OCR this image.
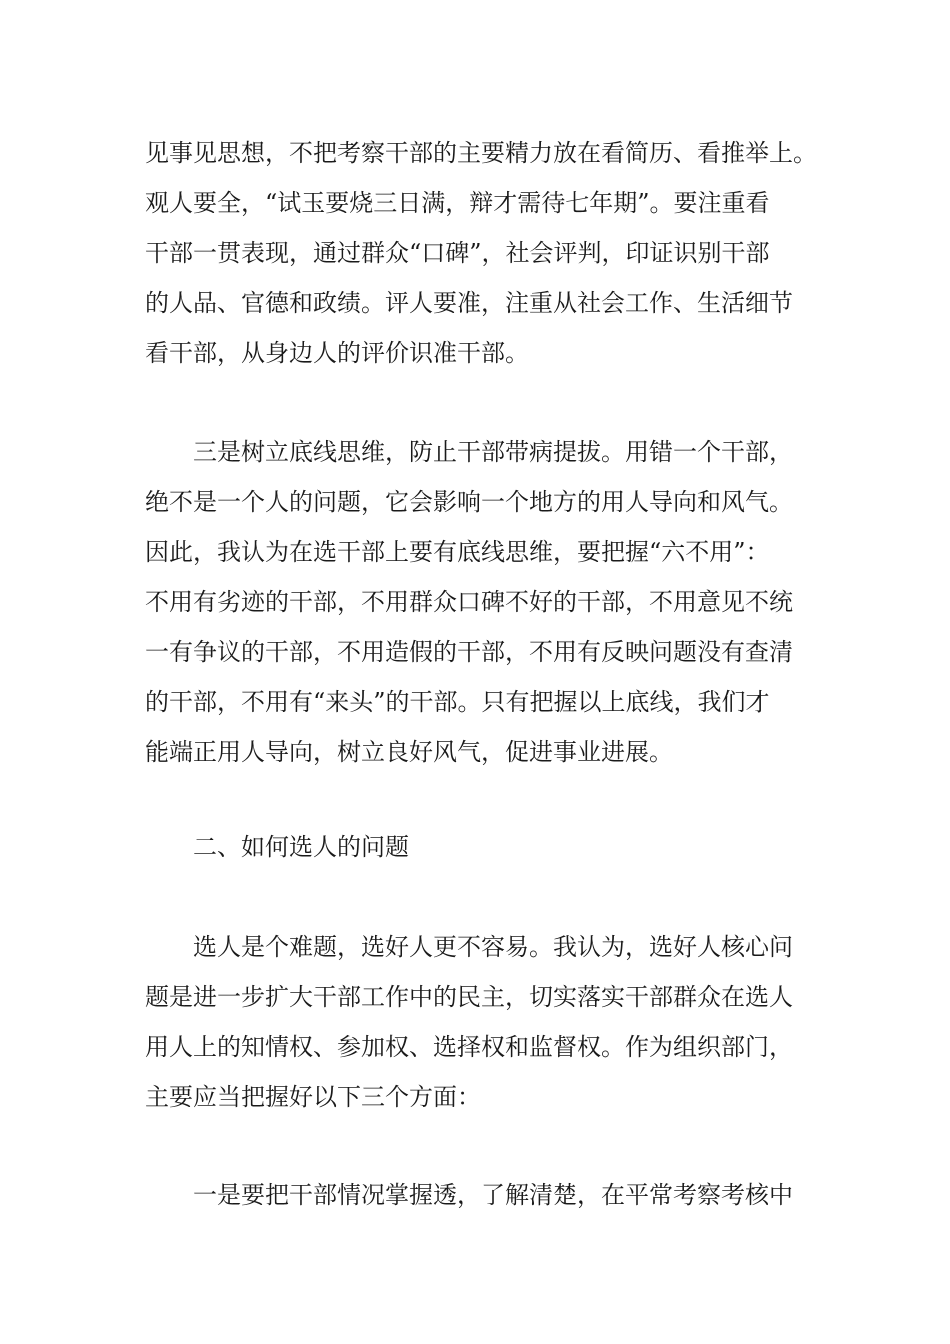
见事见思想，不把考察干部的主要精力放在看简历、看推举上。
观人要全，“试玉要烧三日满，辩才需待七年期”。要注重看
干部一贯表现，通过群众“口碑”，社会评判，印证识别干部
的人品、官德和政绩。评人要准，注重从社会工作、生活细节
看干部，从身边人的评价识准干部。
三是树立底线思维，防止干部带病提拔。用错一个干部，
绝不是一个人的问题，它会影响一个地方的用人导向和风气。
因此，我认为在选干部上要有底线思维，要把握“六不用”：
不用有劣迹的干部，不用群众口碑不好的干部，不用意见不统
一有争议的干部，不用造假的干部，不用有反映问题没有查清
的干部，不用有“来头”的干部。只有把握以上底线，我们才
能端正用人导向，树立良好风气，促进事业进展。
二、如何选人的问题
选人是个难题，选好人更不容易。我认为，选好人核心问
题是进一步扩大干部工作中的民主，切实落实干部群众在选人
用人上的知情权、参加权、选择权和监督权。作为组织部门，
主要应当把握好以下三个方面：
一是要把干部情况掌握透，了解清楚，在平常考察考核中
